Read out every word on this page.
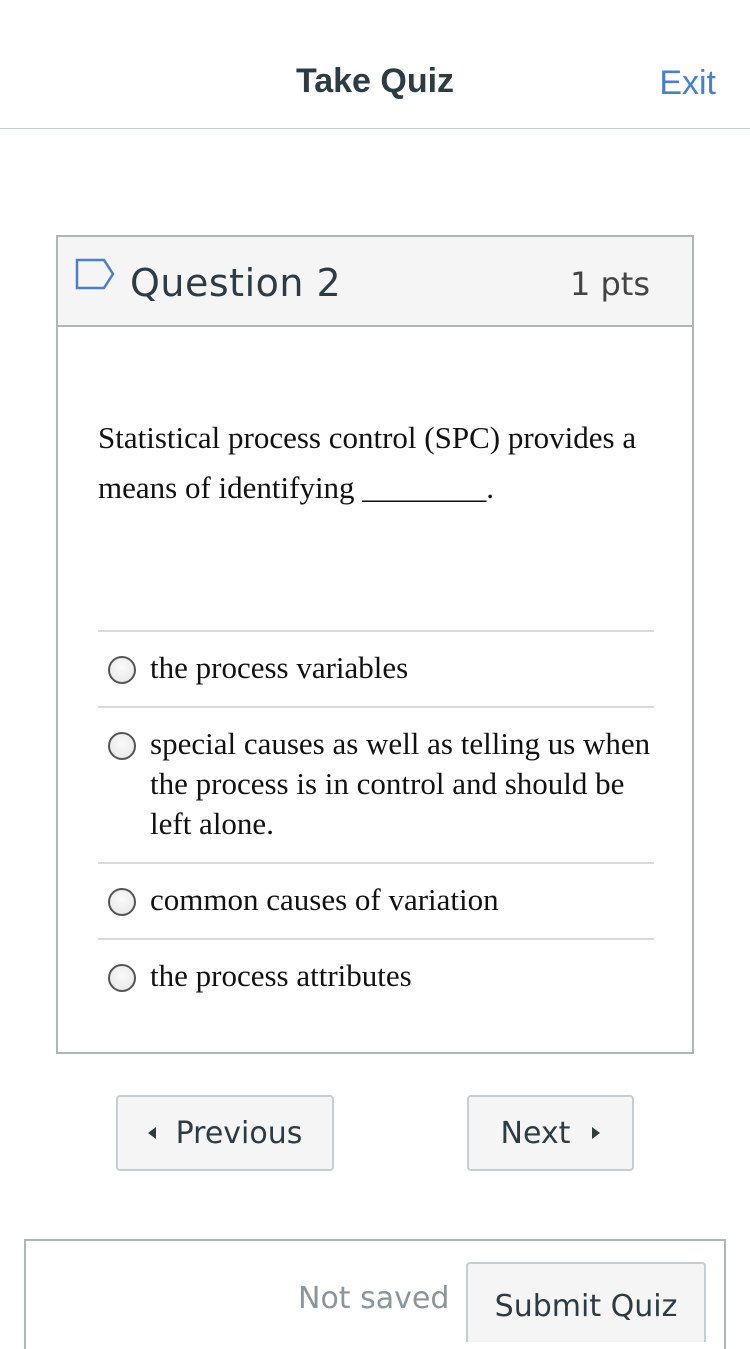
Take Quiz	Exit
Question 2	1 pts
Statistical process control (SPC) provides a means of identifying ________.
the process variables
special causes as well as telling us when the process is in control and should be left alone.
common causes of variation
the process attributes
Previous	Next
Not saved	Submit Quiz
